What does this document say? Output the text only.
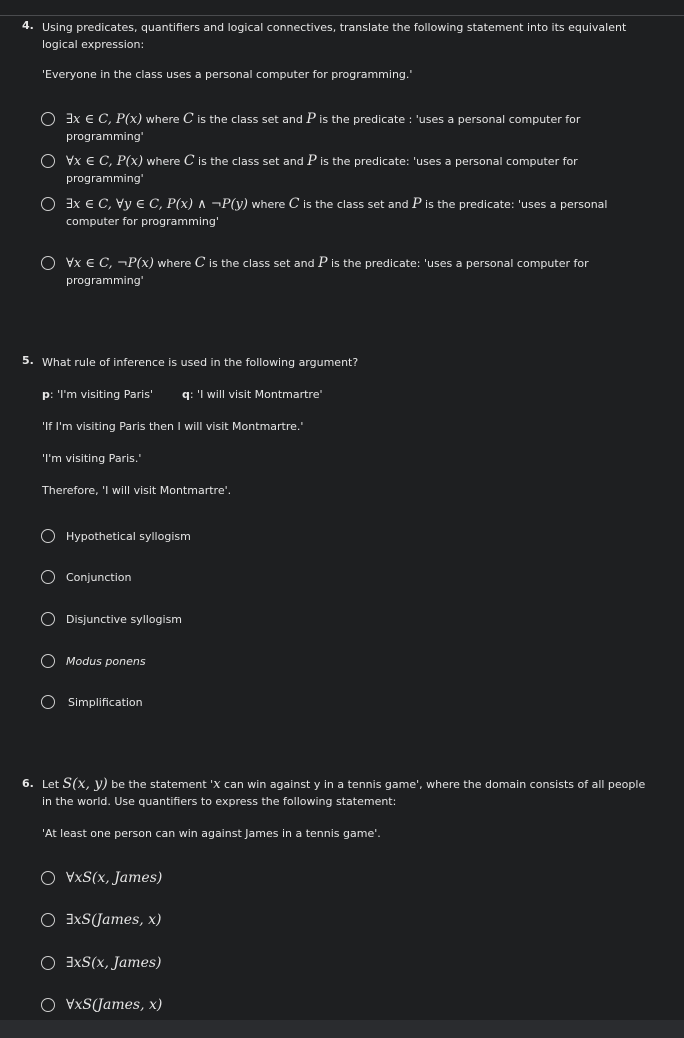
4. Using predicates, quantifiers and logical connectives, translate the following statement into its equivalent logical expression:
'Everyone in the class uses a personal computer for programming.'
∃x ∈ C, P(x) where C is the class set and P is the predicate : 'uses a personal computer for programming'
∀x ∈ C, P(x) where C is the class set and P is the predicate: 'uses a personal computer for programming'
∃x ∈ C, ∀y ∈ C, P(x) ∧ ¬P(y) where C is the class set and P is the predicate: 'uses a personal computer for programming'
∀x ∈ C, ¬P(x) where C is the class set and P is the predicate: 'uses a personal computer for programming'
5. What rule of inference is used in the following argument?
p: 'I'm visiting Paris'	q: 'I will visit Montmartre'
'If I'm visiting Paris then I will visit Montmartre.'
'I'm visiting Paris.'
Therefore, 'I will visit Montmartre'.
Hypothetical syllogism
Conjunction
Disjunctive syllogism
Modus ponens
Simplification
6. Let S(x, y) be the statement 'x can win against y in a tennis game', where the domain consists of all people in the world. Use quantifiers to express the following statement:
'At least one person can win against James in a tennis game'.
∀xS(x, James)
∃xS(James, x)
∃xS(x, James)
∀xS(James, x)
